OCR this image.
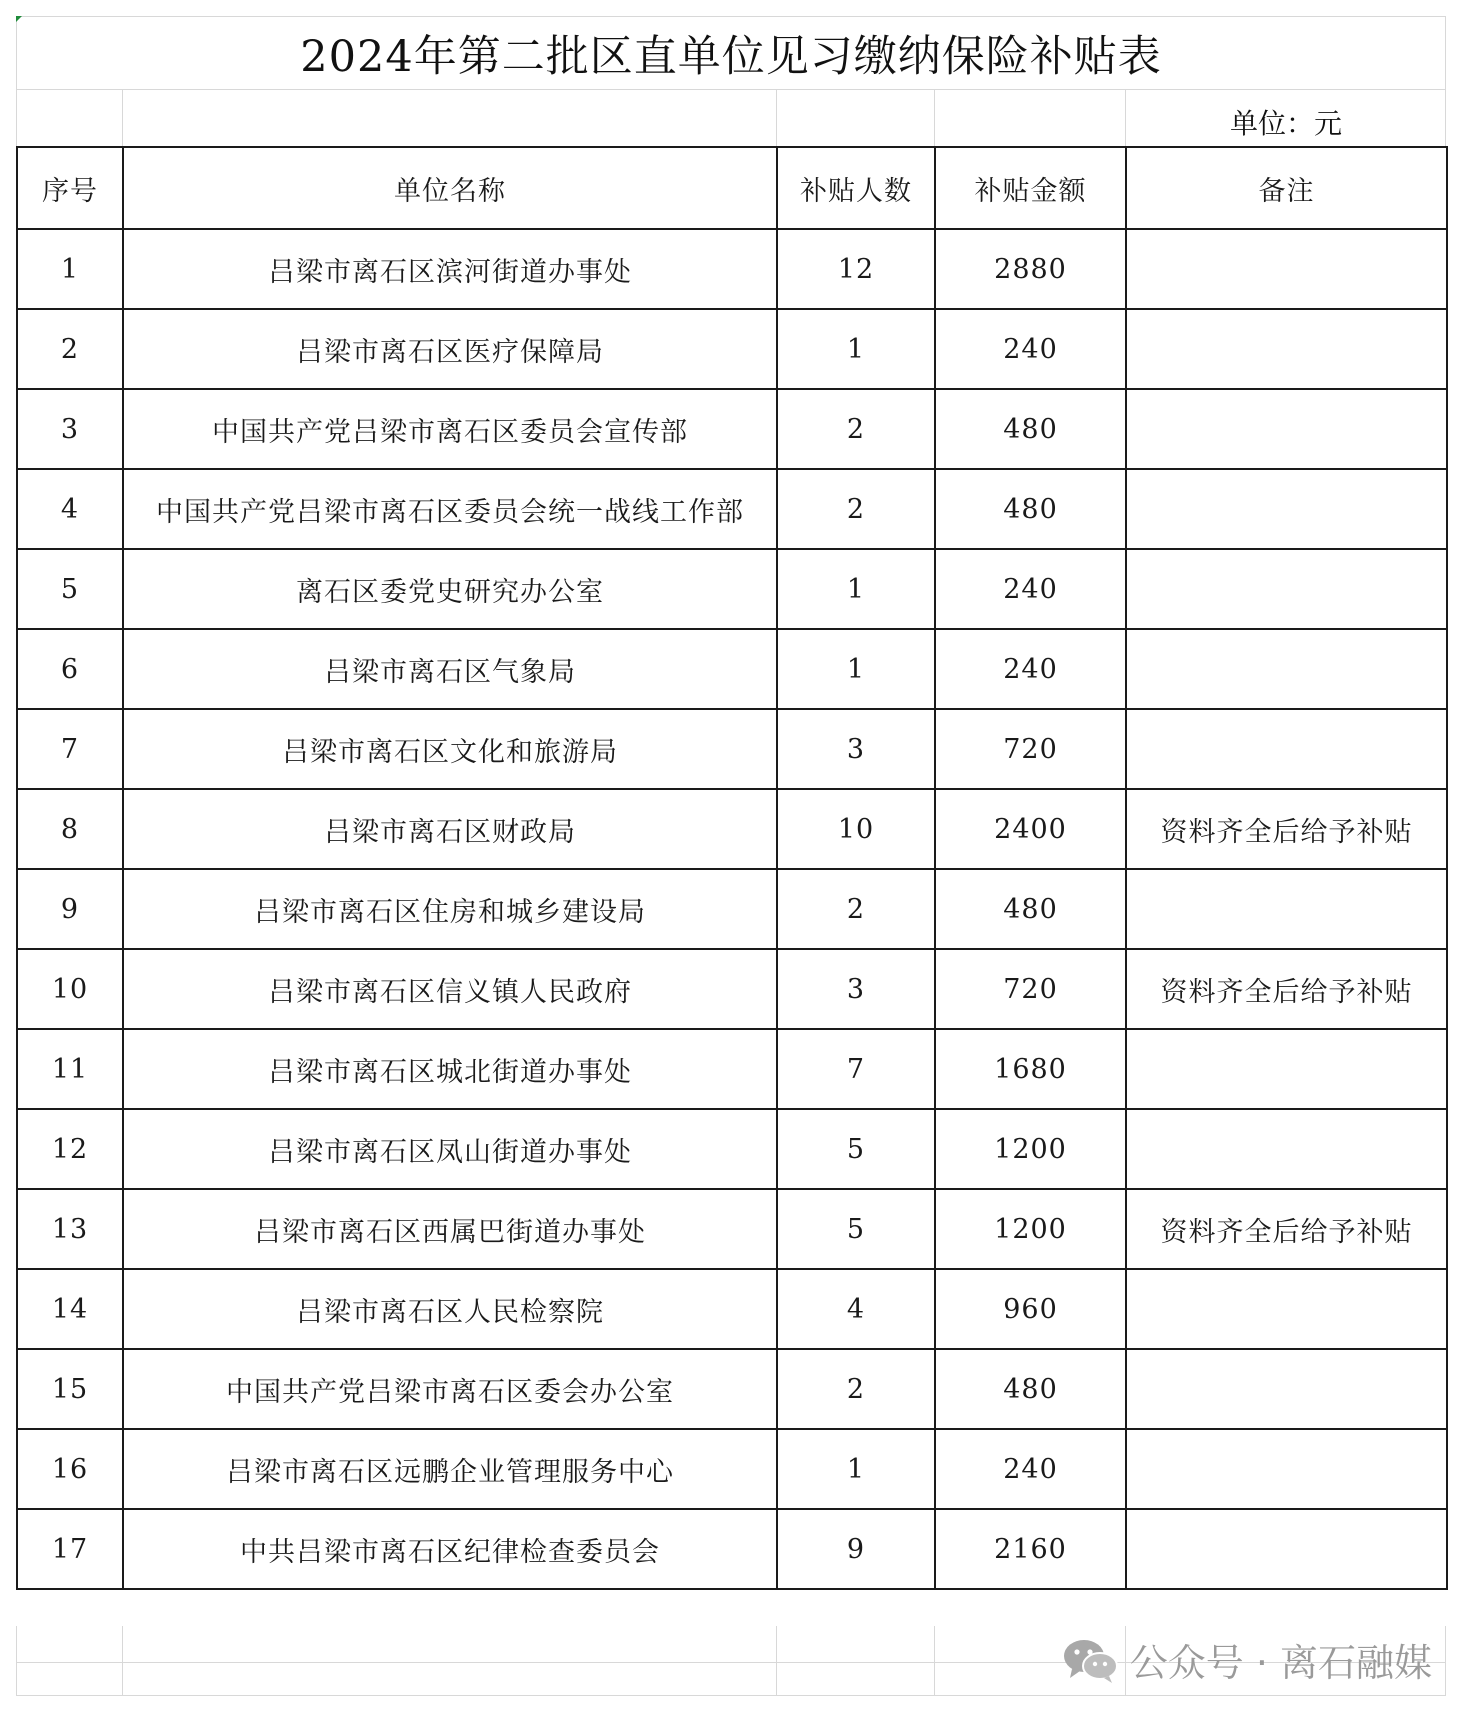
2024年第二批区直单位见习缴纳保险补贴表
单位：元
序号	单位名称	补贴人数	补贴金额	备注
1	吕梁市离石区滨河街道办事处	12	2880	
2	吕梁市离石区医疗保障局	1	240	
3	中国共产党吕梁市离石区委员会宣传部	2	480	
4	中国共产党吕梁市离石区委员会统一战线工作部	2	480	
5	离石区委党史研究办公室	1	240	
6	吕梁市离石区气象局	1	240	
7	吕梁市离石区文化和旅游局	3	720	
8	吕梁市离石区财政局	10	2400	资料齐全后给予补贴
9	吕梁市离石区住房和城乡建设局	2	480	
10	吕梁市离石区信义镇人民政府	3	720	资料齐全后给予补贴
11	吕梁市离石区城北街道办事处	7	1680	
12	吕梁市离石区凤山街道办事处	5	1200	
13	吕梁市离石区西属巴街道办事处	5	1200	资料齐全后给予补贴
14	吕梁市离石区人民检察院	4	960	
15	中国共产党吕梁市离石区委会办公室	2	480	
16	吕梁市离石区远鹏企业管理服务中心	1	240	
17	中共吕梁市离石区纪律检查委员会	9	2160	
公众号 · 离石融媒
